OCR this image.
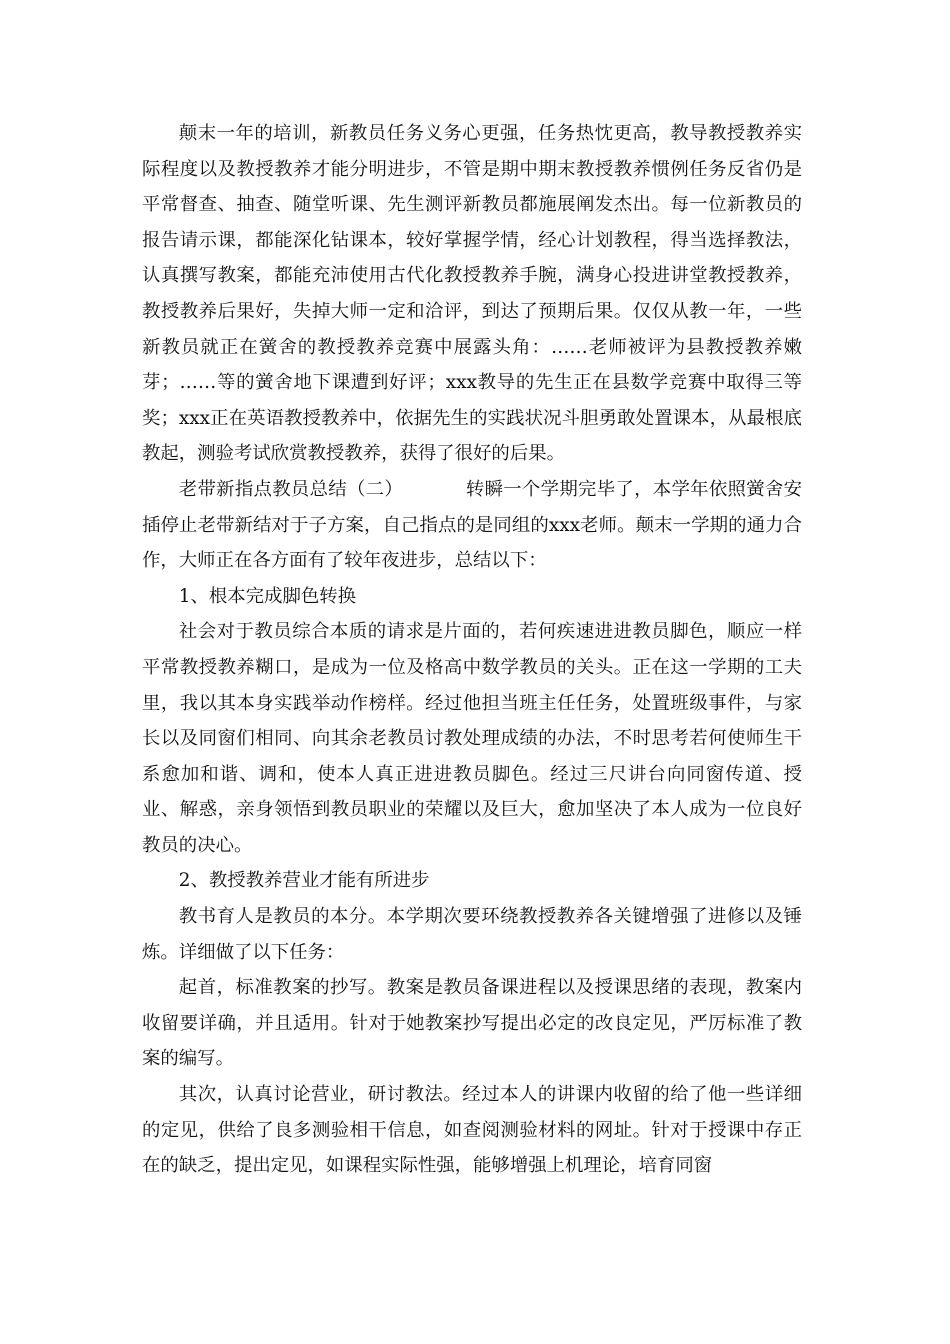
颠末一年的培训，新教员任务义务心更强，任务热忱更高，教导教授教养实际程度以及教授教养才能分明进步，不管是期中期末教授教养惯例任务反省仍是平常督查、抽查、随堂听课、先生测评新教员都施展阐发杰出。每一位新教员的报告请示课，都能深化钻课本，较好掌握学情，经心计划教程，得当选择教法，认真撰写教案，都能充沛使用古代化教授教养手腕，满身心投进讲堂教授教养，教授教养后果好，失掉大师一定和洽评，到达了预期后果。仅仅从教一年，一些新教员就正在黉舍的教授教养竞赛中展露头角：……老师被评为县教授教养嫩芽；……等的黉舍地下课遭到好评；xxx教导的先生正在县数学竞赛中取得三等奖；xxx正在英语教授教养中，依据先生的实践状况斗胆勇敢处置课本，从最根底教起，测验考试欣赏教授教养，获得了很好的后果。

老带新指点教员总结（二）	转瞬一个学期完毕了，本学年依照黉舍安插停止老带新结对于子方案，自己指点的是同组的xxx老师。颠末一学期的通力合作，大师正在各方面有了较年夜进步，总结以下：

1、根本完成脚色转换

社会对于教员综合本质的请求是片面的，若何疾速进进教员脚色，顺应一样平常教授教养糊口，是成为一位及格高中数学教员的关头。正在这一学期的工夫里，我以其本身实践举动作榜样。经过他担当班主任任务，处置班级事件，与家长以及同窗们相同、向其余老教员讨教处理成绩的办法，不时思考若何使师生干系愈加和谐、调和，使本人真正进进教员脚色。经过三尺讲台向同窗传道、授业、解惑，亲身领悟到教员职业的荣耀以及巨大，愈加坚决了本人成为一位良好教员的决心。

2、教授教养营业才能有所进步

教书育人是教员的本分。本学期次要环绕教授教养各关键增强了进修以及锤炼。详细做了以下任务：

起首，标准教案的抄写。教案是教员备课进程以及授课思绪的表现，教案内收留要详确，并且适用。针对于她教案抄写提出必定的改良定见，严厉标准了教案的编写。

其次，认真讨论营业，研讨教法。经过本人的讲课内收留的给了他一些详细的定见，供给了良多测验相干信息，如查阅测验材料的网址。针对于授课中存正在的缺乏，提出定见，如课程实际性强，能够增强上机理论，培育同窗
